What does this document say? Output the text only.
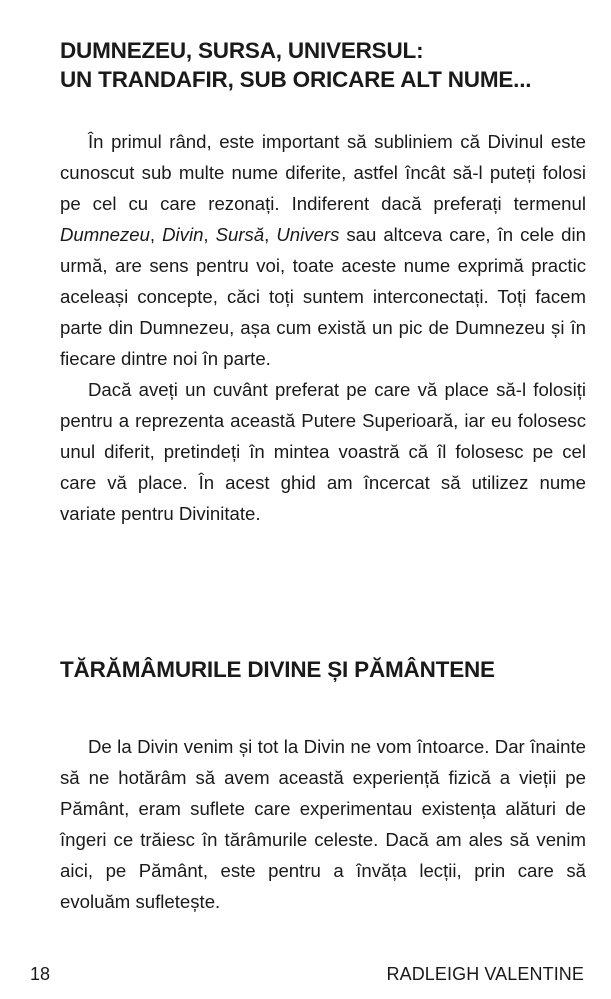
DUMNEZEU, SURSA, UNIVERSUL:
UN TRANDAFIR, SUB ORICARE ALT NUME...

În primul rând, este important să subliniem că Divinul este cunoscut sub multe nume diferite, astfel încât să-l puteți folosi pe cel cu care rezonați. Indiferent dacă preferați termenul Dumnezeu, Divin, Sursă, Univers sau altceva care, în cele din urmă, are sens pentru voi, toate aceste nume exprimă practic aceleași concepte, căci toți suntem interconectați. Toți facem parte din Dumnezeu, așa cum există un pic de Dumnezeu și în fiecare dintre noi în parte.

Dacă aveți un cuvânt preferat pe care vă place să-l folosiți pentru a reprezenta această Putere Superioară, iar eu folosesc unul diferit, pretindeți în mintea voastră că îl folosesc pe cel care vă place. În acest ghid am încercat să utilizez nume variate pentru Divinitate.

TĂRĂMÂMURILE DIVINE ȘI PĂMÂNTENE

De la Divin venim și tot la Divin ne vom întoarce. Dar înainte să ne hotărâm să avem această experiență fizică a vieții pe Pământ, eram suflete care experimentau existența alături de îngeri ce trăiesc în tărâmurile celeste. Dacă am ales să venim aici, pe Pământ, este pentru a învăța lecții, prin care să evoluăm sufletește.

18	RADLEIGH VALENTINE
